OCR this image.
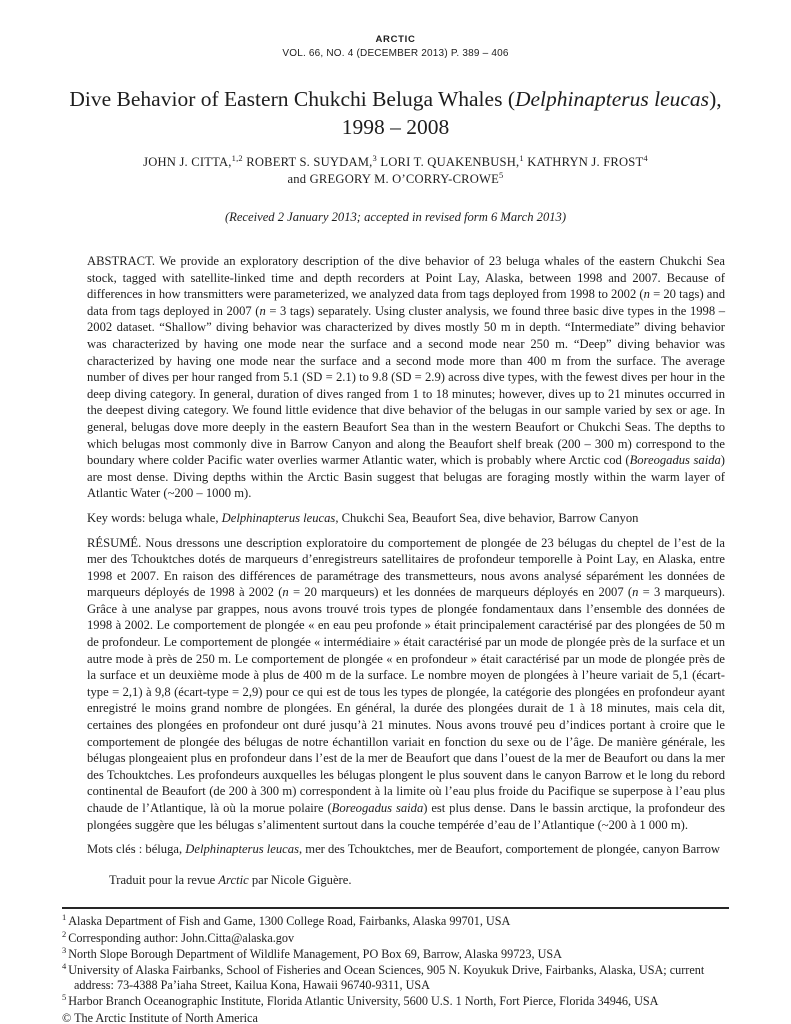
ARCTIC
VOL. 66, NO. 4 (DECEMBER 2013) P. 389 – 406
Dive Behavior of Eastern Chukchi Beluga Whales (Delphinapterus leucas),
1998 – 2008
JOHN J. CITTA,$^{1,2}$ ROBERT S. SUYDAM,$^3$ LORI T. QUAKENBUSH,$^1$ KATHRYN J. FROST$^4$
and GREGORY M. O’CORRY-CROWE$^5$
(Received 2 January 2013; accepted in revised form 6 March 2013)

ABSTRACT. We provide an exploratory description of the dive behavior of 23 beluga whales of the eastern Chukchi Sea stock, tagged with satellite-linked time and depth recorders at Point Lay, Alaska, between 1998 and 2007. Because of differences in how transmitters were parameterized, we analyzed data from tags deployed from 1998 to 2002 (n = 20 tags) and data from tags deployed in 2007 (n = 3 tags) separately. Using cluster analysis, we found three basic dive types in the 1998 – 2002 dataset. “Shallow” diving behavior was characterized by dives mostly 50 m in depth. “Intermediate” diving behavior was characterized by having one mode near the surface and a second mode near 250 m. “Deep” diving behavior was characterized by having one mode near the surface and a second mode more than 400 m from the surface. The average number of dives per hour ranged from 5.1 (SD = 2.1) to 9.8 (SD = 2.9) across dive types, with the fewest dives per hour in the deep diving category. In general, duration of dives ranged from 1 to 18 minutes; however, dives up to 21 minutes occurred in the deepest diving category. We found little evidence that dive behavior of the belugas in our sample varied by sex or age. In general, belugas dove more deeply in the eastern Beaufort Sea than in the western Beaufort or Chukchi Seas. The depths to which belugas most commonly dive in Barrow Canyon and along the Beaufort shelf break (200 – 300 m) correspond to the boundary where colder Pacific water overlies warmer Atlantic water, which is probably where Arctic cod (Boreogadus saida) are most dense. Diving depths within the Arctic Basin suggest that belugas are foraging mostly within the warm layer of Atlantic Water (~200 – 1000 m).

Key words: beluga whale, Delphinapterus leucas, Chukchi Sea, Beaufort Sea, dive behavior, Barrow Canyon

RÉSUMÉ. Nous dressons une description exploratoire du comportement de plongée de 23 bélugas du cheptel de l’est de la mer des Tchouktches dotés de marqueurs d’enregistreurs satellitaires de profondeur temporelle à Point Lay, en Alaska, entre 1998 et 2007. En raison des différences de paramétrage des transmetteurs, nous avons analysé séparément les données de marqueurs déployés de 1998 à 2002 (n = 20 marqueurs) et les données de marqueurs déployés en 2007 (n = 3 marqueurs). Grâce à une analyse par grappes, nous avons trouvé trois types de plongée fondamentaux dans l’ensemble des données de 1998 à 2002. Le comportement de plongée « en eau peu profonde » était principalement caractérisé par des plongées de 50 m de profondeur. Le comportement de plongée « intermédiaire » était caractérisé par un mode de plongée près de la surface et un autre mode à près de 250 m. Le comportement de plongée « en profondeur » était caractérisé par un mode de plongée près de la surface et un deuxième mode à plus de 400 m de la surface. Le nombre moyen de plongées à l’heure variait de 5,1 (écart-type = 2,1) à 9,8 (écart-type = 2,9) pour ce qui est de tous les types de plongée, la catégorie des plongées en profondeur ayant enregistré le moins grand nombre de plongées. En général, la durée des plongées durait de 1 à 18 minutes, mais cela dit, certaines des plongées en profondeur ont duré jusqu’à 21 minutes. Nous avons trouvé peu d’indices portant à croire que le comportement de plongée des bélugas de notre échantillon variait en fonction du sexe ou de l’âge. De manière générale, les bélugas plongeaient plus en profondeur dans l’est de la mer de Beaufort que dans l’ouest de la mer de Beaufort ou dans la mer des Tchouktches. Les profondeurs auxquelles les bélugas plongent le plus souvent dans le canyon Barrow et le long du rebord continental de Beaufort (de 200 à 300 m) correspondent à la limite où l’eau plus froide du Pacifique se superpose à l’eau plus chaude de l’Atlantique, là où la morue polaire (Boreogadus saida) est plus dense. Dans le bassin arctique, la profondeur des plongées suggère que les bélugas s’alimentent surtout dans la couche tempérée d’eau de l’Atlantique (~200 à 1 000 m).

Mots clés : béluga, Delphinapterus leucas, mer des Tchouktches, mer de Beaufort, comportement de plongée, canyon Barrow

Traduit pour la revue Arctic par Nicole Giguère.

$^1$ Alaska Department of Fish and Game, 1300 College Road, Fairbanks, Alaska 99701, USA

$^2$ Corresponding author: John.Citta@alaska.gov

$^3$ North Slope Borough Department of Wildlife Management, PO Box 69, Barrow, Alaska 99723, USA

$^4$ University of Alaska Fairbanks, School of Fisheries and Ocean Sciences, 905 N. Koyukuk Drive, Fairbanks, Alaska, USA; current address: 73-4388 Pa’iaha Street, Kailua Kona, Hawaii 96740-9311, USA

$^5$ Harbor Branch Oceanographic Institute, Florida Atlantic University, 5600 U.S. 1 North, Fort Pierce, Florida 34946, USA

© The Arctic Institute of North America
